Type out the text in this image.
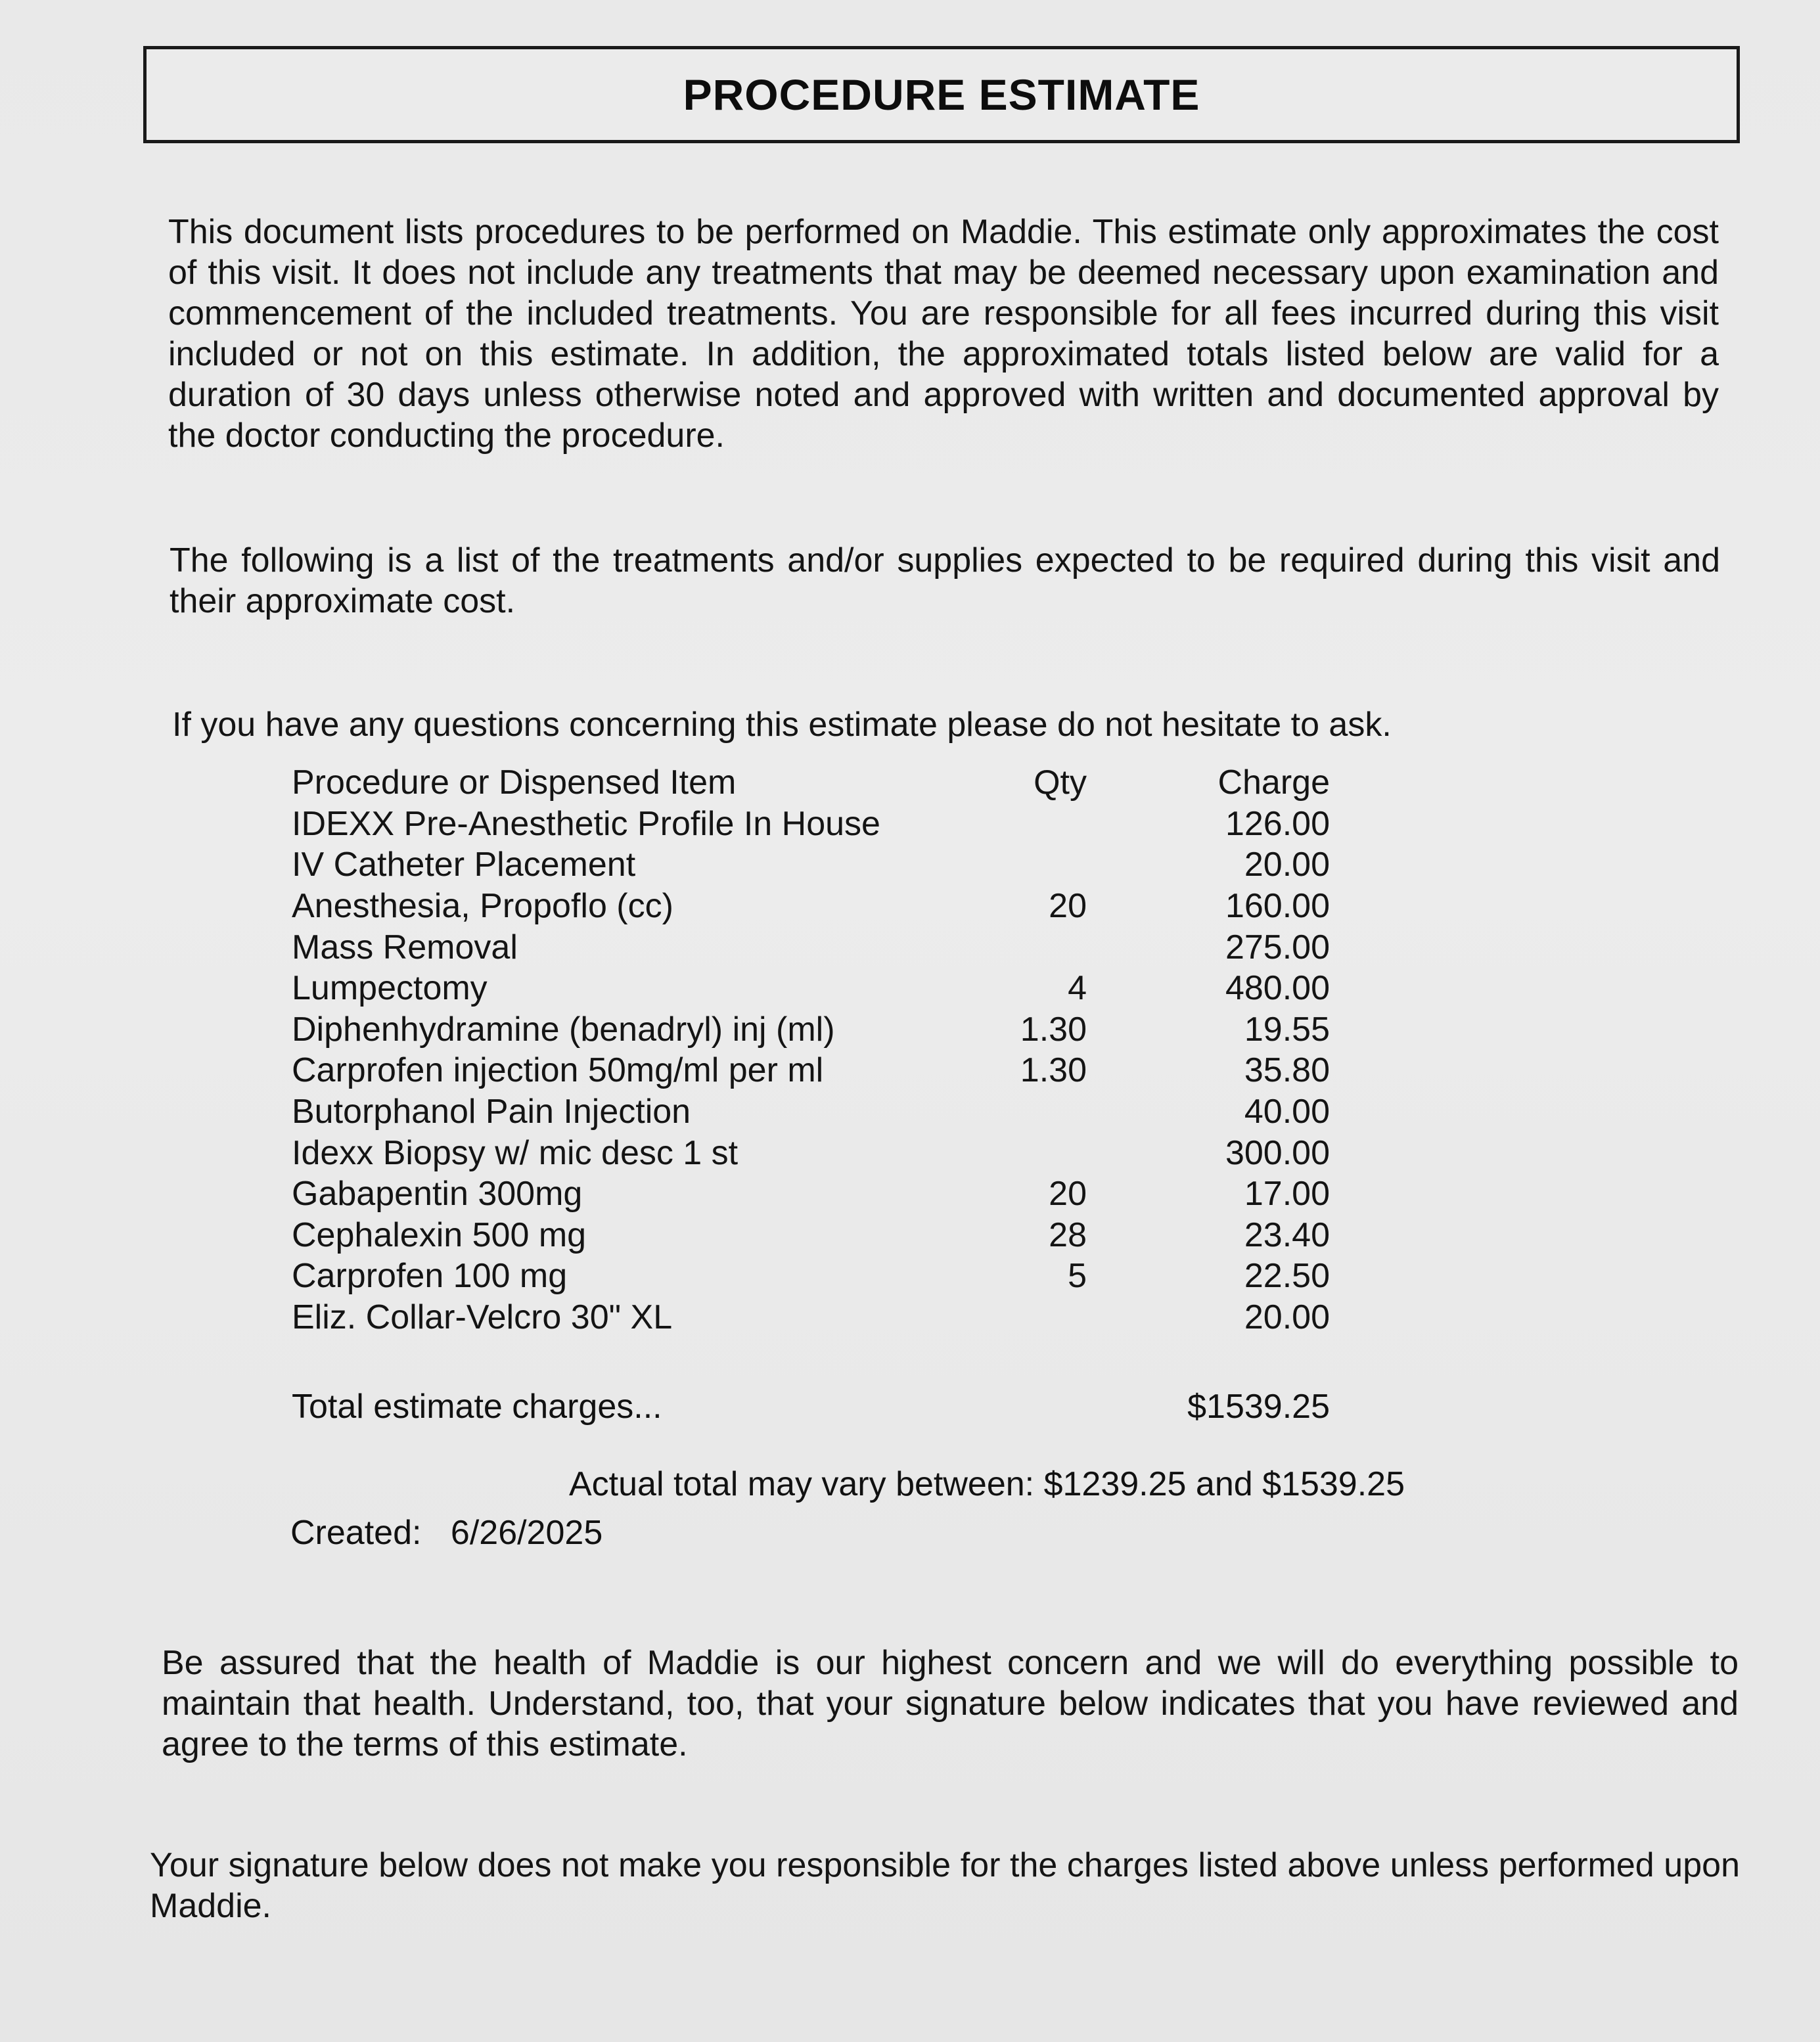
PROCEDURE ESTIMATE
This document lists procedures to be performed on Maddie. This estimate only approximates the cost of this visit. It does not include any treatments that may be deemed necessary upon examination and commencement of the included treatments. You are responsible for all fees incurred during this visit included or not on this estimate. In addition, the approximated totals listed below are valid for a duration of 30 days unless otherwise noted and approved with written and documented approval by the doctor conducting the procedure.
The following is a list of the treatments and/or supplies expected to be required during this visit and their approximate cost.
If you have any questions concerning this estimate please do not hesitate to ask.
Procedure or Dispensed Item	Qty	Charge
IDEXX Pre-Anesthetic Profile In House		126.00
IV Catheter Placement		20.00
Anesthesia, Propoflo (cc)	20	160.00
Mass Removal		275.00
Lumpectomy	4	480.00
Diphenhydramine (benadryl) inj (ml)	1.30	19.55
Carprofen injection 50mg/ml per ml	1.30	35.80
Butorphanol Pain Injection		40.00
Idexx Biopsy w/ mic desc 1 st		300.00
Gabapentin 300mg	20	17.00
Cephalexin 500 mg	28	23.40
Carprofen 100 mg	5	22.50
Eliz. Collar-Velcro 30" XL		20.00
Total estimate charges...	$1539.25
Actual total may vary between: $1239.25 and $1539.25
Created: 6/26/2025
Be assured that the health of Maddie is our highest concern and we will do everything possible to maintain that health. Understand, too, that your signature below indicates that you have reviewed and agree to the terms of this estimate.
Your signature below does not make you responsible for the charges listed above unless performed upon Maddie.
